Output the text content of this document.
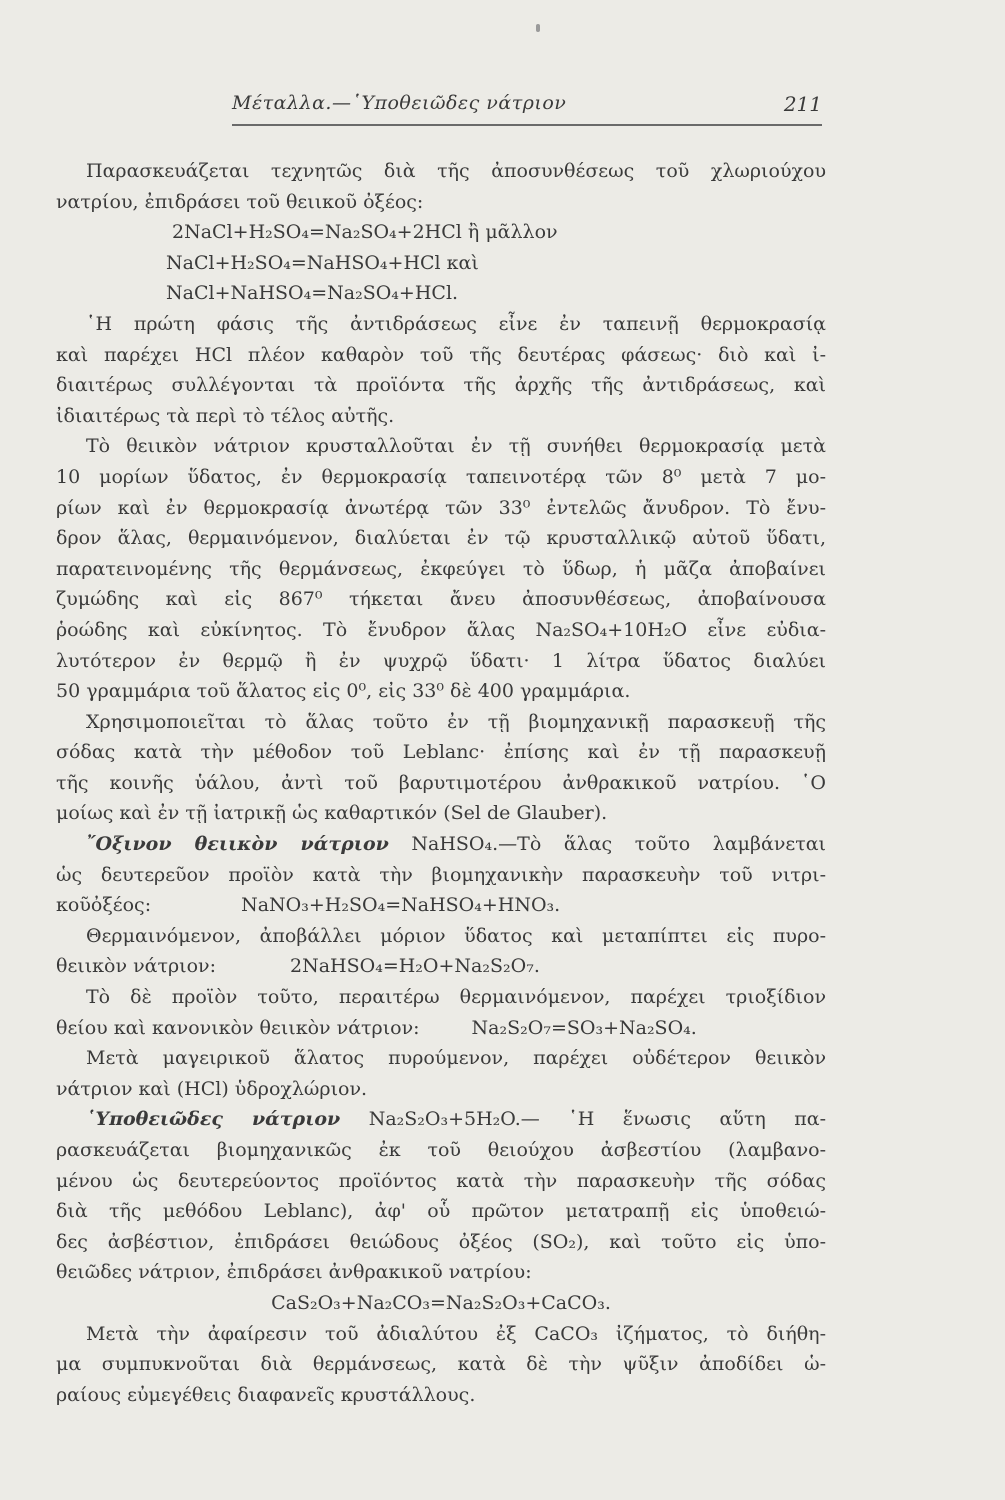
Μέταλλα.—῾Υποθειῶδες νάτριον	211
Παρασκευάζεται τεχνητῶς διὰ τῆς ἀποσυνθέσεως τοῦ χλωριούχου
νατρίου, ἐπιδράσει τοῦ θειικοῦ ὀξέος:
2NaCl+H₂SO₄=Na₂SO₄+2HCl ἢ μᾶλλον
NaCl+H₂SO₄=NaHSO₄+HCl καὶ
NaCl+NaHSO₄=Na₂SO₄+HCl.
῾Η πρώτη φάσις τῆς ἀντιδράσεως εἶνε ἐν ταπεινῇ θερμοκρασίᾳ
καὶ παρέχει HCl πλέον καθαρὸν τοῦ τῆς δευτέρας φάσεως· διὸ καὶ ἰ-
διαιτέρως συλλέγονται τὰ προϊόντα τῆς ἀρχῆς τῆς ἀντιδράσεως, καὶ
ἰδιαιτέρως τὰ περὶ τὸ τέλος αὐτῆς.
Τὸ θειικὸν νάτριον κρυσταλλοῦται ἐν τῇ συνήθει θερμοκρασίᾳ μετὰ
10 μορίων ὕδατος, ἐν θερμοκρασίᾳ ταπεινοτέρᾳ τῶν 8⁰ μετὰ 7 μο-
ρίων καὶ ἐν θερμοκρασίᾳ ἀνωτέρᾳ τῶν 33⁰ ἐντελῶς ἄνυδρον. Τὸ ἔνυ-
δρον ἅλας, θερμαινόμενον, διαλύεται ἐν τῷ κρυσταλλικῷ αὐτοῦ ὕδατι,
παρατεινομένης τῆς θερμάνσεως, ἐκφεύγει τὸ ὕδωρ, ἡ μᾶζα ἀποβαίνει
ζυμώδης καὶ εἰς 867⁰ τήκεται ἄνευ ἀποσυνθέσεως, ἀποβαίνουσα
ῥοώδης καὶ εὐκίνητος. Τὸ ἔνυδρον ἅλας Na₂SO₄+10H₂O εἶνε εὐδια-
λυτότερον ἐν θερμῷ ἢ ἐν ψυχρῷ ὕδατι· 1 λίτρα ὕδατος διαλύει
50 γραμμάρια τοῦ ἅλατος εἰς 0⁰, εἰς 33⁰ δὲ 400 γραμμάρια.
Χρησιμοποιεῖται τὸ ἅλας τοῦτο ἐν τῇ βιομηχανικῇ παρασκευῇ τῆς
σόδας κατὰ τὴν μέθοδον τοῦ Leblanc· ἐπίσης καὶ ἐν τῇ παρασκευῇ
τῆς κοινῆς ὑάλου, ἀντὶ τοῦ βαρυτιμοτέρου ἀνθρακικοῦ νατρίου. ῾Ο
μοίως καὶ ἐν τῇ ἰατρικῇ ὡς καθαρτικόν (Sel de Glauber).
῎Οξινον θειικὸν νάτριον NaHSO₄.—Τὸ ἅλας τοῦτο λαμβάνεται
ὡς δευτερεῦον προϊὸν κατὰ τὴν βιομηχανικὴν παρασκευὴν τοῦ νιτρι-
κοῦὀξέος:	NaNO₃+H₂SO₄=NaHSO₄+HNO₃.
Θερμαινόμενον, ἀποβάλλει μόριον ὕδατος καὶ μεταπίπτει εἰς πυρο-
θειικὸν νάτριον:	2NaHSO₄=H₂O+Na₂S₂O₇.
Τὸ δὲ προϊὸν τοῦτο, περαιτέρω θερμαινόμενον, παρέχει τριοξίδιον
θείου καὶ κανονικὸν θειικὸν νάτριον:	Na₂S₂O₇=SO₃+Na₂SO₄.
Μετὰ μαγειρικοῦ ἅλατος πυρούμενον, παρέχει οὐδέτερον θειικὸν
νάτριον καὶ (HCl) ὑδροχλώριον.
῾Υποθειῶδες νάτριον Na₂S₂O₃+5H₂O.— ῾Η ἕνωσις αὕτη πα-
ρασκευάζεται βιομηχανικῶς ἐκ τοῦ θειούχου ἀσβεστίου (λαμβανο-
μένου ὡς δευτερεύοντος προϊόντος κατὰ τὴν παρασκευὴν τῆς σόδας
διὰ τῆς μεθόδου Leblanc), ἀφ' οὗ πρῶτον μετατραπῇ εἰς ὑποθειώ-
δες ἀσβέστιον, ἐπιδράσει θειώδους ὀξέος (SO₂), καὶ τοῦτο εἰς ὑπο-
θειῶδες νάτριον, ἐπιδράσει ἀνθρακικοῦ νατρίου:
CaS₂O₃+Na₂CO₃=Na₂S₂O₃+CaCO₃.
Μετὰ τὴν ἀφαίρεσιν τοῦ ἀδιαλύτου ἐξ CaCO₃ ἰζήματος, τὸ διήθη-
μα συμπυκνοῦται διὰ θερμάνσεως, κατὰ δὲ τὴν ψῦξιν ἀποδίδει ὡ-
ραίους εὐμεγέθεις διαφανεῖς κρυστάλλους.
